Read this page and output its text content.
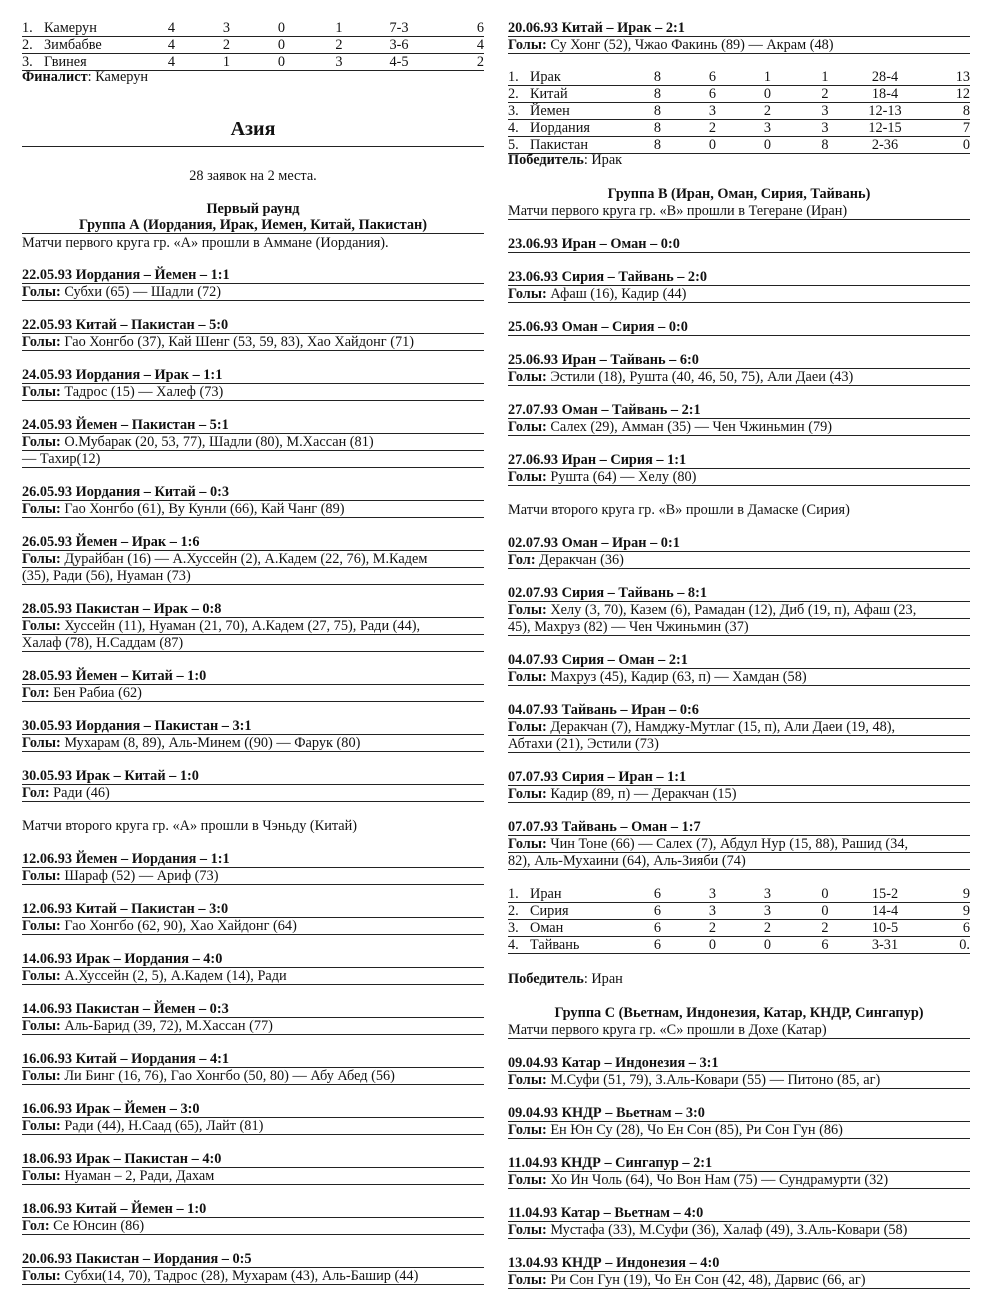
1.	Камерун	4	3	0	1	7-3	6
2.	Зимбабве	4	2	0	2	3-6	4
3.	Гвинея	4	1	0	3	4-5	2
Финалист: Камерун
Азия
28 заявок на 2 места.
Первый раунд
Группа А (Иордания, Ирак, Иемен, Китай, Пакистан)
Матчи первого круга гр. «А» прошли в Аммане (Иордания).
22.05.93 Иордания – Йемен – 1:1
Голы: Субхи (65) — Шадли (72)
22.05.93 Китай – Пакистан – 5:0
Голы: Гао Хонгбо (37), Кай Шенг (53, 59, 83), Хао Хайдонг (71)
24.05.93 Иордания – Ирак – 1:1
Голы: Тадрос (15) — Халеф (73)
24.05.93 Йемен – Пакистан – 5:1
Голы: О.Мубарак (20, 53, 77), Шадли (80), М.Хассан (81)
— Тахир(12)
26.05.93 Иордания – Китай – 0:3
Голы: Гао Хонгбо (61), Ву Кунли (66), Кай Чанг (89)
26.05.93 Йемен – Ирак – 1:6
Голы: Дурайбан (16) — А.Хуссейн (2), А.Кадем (22, 76), М.Кадем
(35), Ради (56), Нуаман (73)
28.05.93 Пакистан – Ирак – 0:8
Голы: Хуссейн (11), Нуаман (21, 70), А.Кадем (27, 75), Ради (44),
Халаф (78), Н.Саддам (87)
28.05.93 Йемен – Китай – 1:0
Гол: Бен Рабиа (62)
30.05.93 Иордания – Пакистан – 3:1
Голы: Мухарам (8, 89), Аль-Минем ((90) — Фарук (80)
30.05.93 Ирак – Китай – 1:0
Гол: Ради (46)
Матчи второго круга гр. «А» прошли в Чэньду (Китай)
12.06.93 Йемен – Иордания – 1:1
Голы: Шараф (52) — Ариф (73)
12.06.93 Китай – Пакистан – 3:0
Голы: Гао Хонгбо (62, 90), Хао Хайдонг (64)
14.06.93 Ирак – Иордания – 4:0
Голы: А.Хуссейн (2, 5), А.Кадем (14), Ради
14.06.93 Пакистан – Йемен – 0:3
Голы: Аль-Барид (39, 72), М.Хассан (77)
16.06.93 Китай – Иордания – 4:1
Голы: Ли Бинг (16, 76), Гао Хонгбо (50, 80) — Абу Абед (56)
16.06.93 Ирак – Йемен – 3:0
Голы: Ради (44), Н.Саад (65), Лайт (81)
18.06.93 Ирак – Пакистан – 4:0
Голы: Нуаман – 2, Ради, Дахам
18.06.93 Китай – Йемен – 1:0
Гол: Се Юнсин (86)
20.06.93 Пакистан – Иордания – 0:5
Голы: Субхи(14, 70), Тадрос (28), Мухарам (43), Аль-Башир (44)
20.06.93 Китай – Ирак – 2:1
Голы: Су Хонг (52), Чжао Факинь (89) — Акрам (48)
1.	Ирак	8	6	1	1	28-4	13
2.	Китай	8	6	0	2	18-4	12
3.	Йемен	8	3	2	3	12-13	8
4.	Иордания	8	2	3	3	12-15	7
5.	Пакистан	8	0	0	8	2-36	0
Победитель: Ирак
Группа В (Иран, Оман, Сирия, Тайвань)
Матчи первого круга гр. «В» прошли в Тегеране (Иран)
23.06.93 Иран – Оман – 0:0
23.06.93 Сирия – Тайвань – 2:0
Голы: Афаш (16), Кадир (44)
25.06.93 Оман – Сирия – 0:0
25.06.93 Иран – Тайвань – 6:0
Голы: Эстили (18), Рушта (40, 46, 50, 75), Али Даеи (43)
27.07.93 Оман – Тайвань – 2:1
Голы: Салех (29), Амман (35) — Чен Чжиньмин (79)
27.06.93 Иран – Сирия – 1:1
Голы: Рушта (64) — Хелу (80)
Матчи второго круга гр. «В» прошли в Дамаске (Сирия)
02.07.93 Оман – Иран – 0:1
Гол: Деракчан (36)
02.07.93 Сирия – Тайвань – 8:1
Голы: Хелу (3, 70), Казем (6), Рамадан (12), Диб (19, п), Афаш (23,
45), Махруз (82) — Чен Чжиньмин (37)
04.07.93 Сирия – Оман – 2:1
Голы: Махруз (45), Кадир (63, п) — Хамдан (58)
04.07.93 Тайвань – Иран – 0:6
Голы: Деракчан (7), Намджу-Мутлаг (15, п), Али Даеи (19, 48),
Абтахи (21), Эстили (73)
07.07.93 Сирия – Иран – 1:1
Голы: Кадир (89, п) — Деракчан (15)
07.07.93 Тайвань – Оман – 1:7
Голы: Чин Тоне (66) — Салех (7), Абдул Нур (15, 88), Рашид (34,
82), Аль-Мухаини (64), Аль-Зияби (74)
1.	Иран	6	3	3	0	15-2	9
2.	Сирия	6	3	3	0	14-4	9
3.	Оман	6	2	2	2	10-5	6
4.	Тайвань	6	0	0	6	3-31	0.
Победитель: Иран
Группа С (Вьетнам, Индонезия, Катар, КНДР, Сингапур)
Матчи первого круга гр. «С» прошли в Дохе (Катар)
09.04.93 Катар – Индонезия – 3:1
Голы: М.Суфи (51, 79), З.Аль-Ковари (55) — Питоно (85, аг)
09.04.93 КНДР – Вьетнам – 3:0
Голы: Ен Юн Су (28), Чо Ен Сон (85), Ри Сон Гун (86)
11.04.93 КНДР – Сингапур – 2:1
Голы: Хо Ин Чоль (64), Чо Вон Нам (75) — Сундрамурти (32)
11.04.93 Катар – Вьетнам – 4:0
Голы: Мустафа (33), М.Суфи (36), Халаф (49), З.Аль-Ковари (58)
13.04.93 КНДР – Индонезия – 4:0
Голы: Ри Сон Гун (19), Чо Ен Сон (42, 48), Дарвис (66, аг)
